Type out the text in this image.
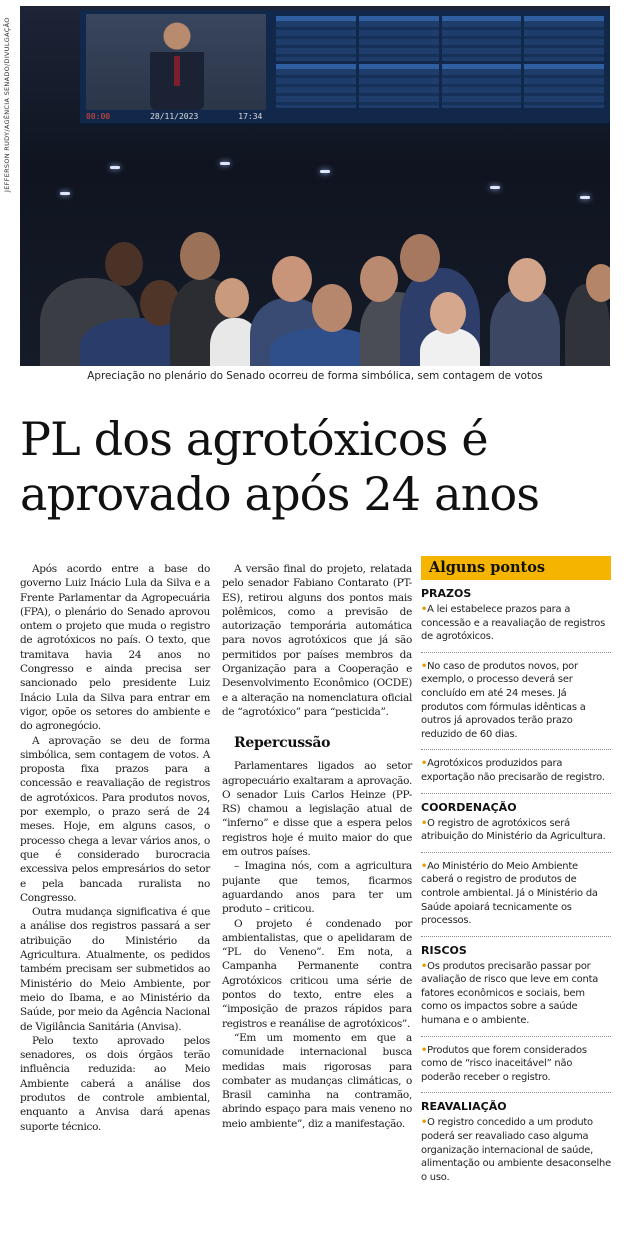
JEFFERSON RUDY/AGÊNCIA SENADO/DIVULGAÇÃO	00:00	28/11/2023	17:34
Apreciação no plenário do Senado ocorreu de forma simbólica, sem contagem de votos
PL dos agrotóxicos é aprovado após 24 anos

Após acordo entre a base do governo Luiz Inácio Lula da Silva e a Frente Parlamentar da Agropecuária (FPA), o plenário do Senado aprovou ontem o projeto que muda o registro de agrotóxicos no país. O texto, que tramitava havia 24 anos no Congresso e ainda precisa ser sancionado pelo presidente Luiz Inácio Lula da Silva para entrar em vigor, opõe os setores do ambiente e do agronegócio.

A aprovação se deu de forma simbólica, sem contagem de votos. A proposta fixa prazos para a concessão e reavaliação de registros de agrotóxicos. Para produtos novos, por exemplo, o prazo será de 24 meses. Hoje, em alguns casos, o processo chega a levar vários anos, o que é considerado burocracia excessiva pelos empresários do setor e pela bancada ruralista no Congresso.

Outra mudança significativa é que a análise dos registros passará a ser atribuição do Ministério da Agricultura. Atualmente, os pedidos também precisam ser submetidos ao Ministério do Meio Ambiente, por meio do Ibama, e ao Ministério da Saúde, por meio da Agência Nacional de Vigilância Sanitária (Anvisa).

Pelo texto aprovado pelos senadores, os dois órgãos terão influência reduzida: ao Meio Ambiente caberá a análise dos produtos de controle ambiental, enquanto a Anvisa dará apenas suporte técnico.

A versão final do projeto, relatada pelo senador Fabiano Contarato (PT-ES), retirou alguns dos pontos mais polêmicos, como a previsão de autorização temporária automática para novos agrotóxicos que já são permitidos por países membros da Organização para a Cooperação e Desenvolvimento Econômico (OCDE) e a alteração na nomenclatura oficial de “agrotóxico” para “pesticida”.

Repercussão

Parlamentares ligados ao setor agropecuário exaltaram a aprovação. O senador Luis Carlos Heinze (PP-RS) chamou a legislação atual de “inferno” e disse que a espera pelos registros hoje é muito maior do que em outros países.

– Imagina nós, com a agricultura pujante que temos, ficarmos aguardando anos para ter um produto – criticou.

O projeto é condenado por ambientalistas, que o apelidaram de “PL do Veneno”. Em nota, a Campanha Permanente contra Agrotóxicos criticou uma série de pontos do texto, entre eles a “imposição de prazos rápidos para registros e reanálise de agrotóxicos”.

“Em um momento em que a comunidade internacional busca medidas mais rigorosas para combater as mudanças climáticas, o Brasil caminha na contramão, abrindo espaço para mais veneno no meio ambiente”, diz a manifestação.

Alguns pontos
PRAZOS
• A lei estabelece prazos para a concessão e a reavaliação de registros de agrotóxicos.
• No caso de produtos novos, por exemplo, o processo deverá ser concluído em até 24 meses. Já produtos com fórmulas idênticas a outros já aprovados terão prazo reduzido de 60 dias.
• Agrotóxicos produzidos para exportação não precisarão de registro.
COORDENAÇÃO
• O registro de agrotóxicos será atribuição do Ministério da Agricultura.
• Ao Ministério do Meio Ambiente caberá o registro de produtos de controle ambiental. Já o Ministério da Saúde apoiará tecnicamente os processos.
RISCOS
• Os produtos precisarão passar por avaliação de risco que leve em conta fatores econômicos e sociais, bem como os impactos sobre a saúde humana e o ambiente.
• Produtos que forem considerados como de “risco inaceitável” não poderão receber o registro.
REAVALIAÇÃO
• O registro concedido a um produto poderá ser reavaliado caso alguma organização internacional de saúde, alimentação ou ambiente desaconselhe o uso.
